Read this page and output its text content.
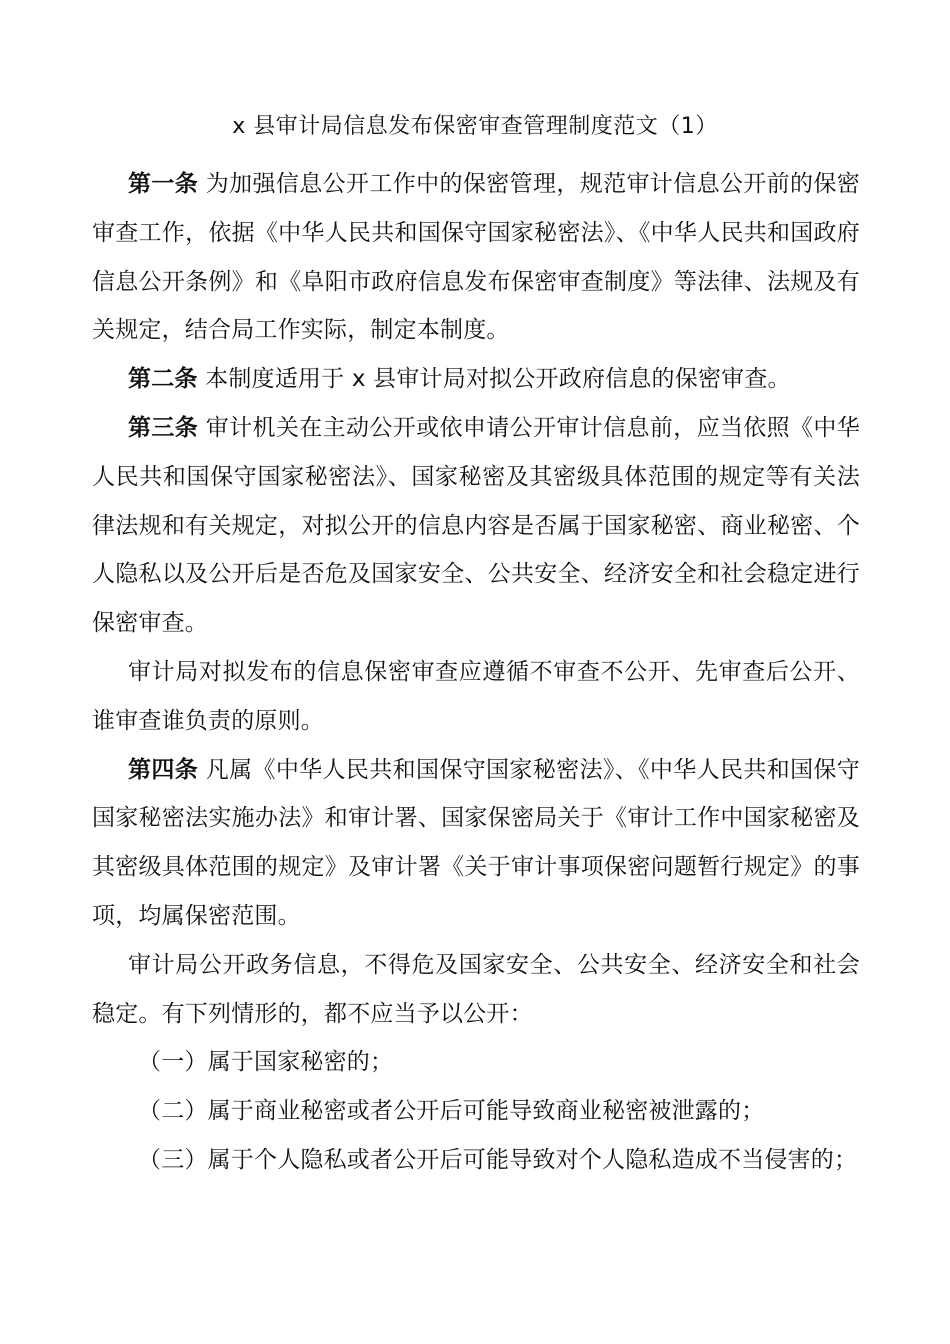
x 县审计局信息发布保密审查管理制度范文（1）

第一条 为加强信息公开工作中的保密管理，规范审计信息公开前的保密审查工作，依据《中华人民共和国保守国家秘密法》、《中华人民共和国政府信息公开条例》和《阜阳市政府信息发布保密审查制度》等法律、法规及有关规定，结合局工作实际，制定本制度。

第二条 本制度适用于 x 县审计局对拟公开政府信息的保密审查。

第三条 审计机关在主动公开或依申请公开审计信息前，应当依照《中华人民共和国保守国家秘密法》、国家秘密及其密级具体范围的规定等有关法律法规和有关规定，对拟公开的信息内容是否属于国家秘密、商业秘密、个人隐私以及公开后是否危及国家安全、公共安全、经济安全和社会稳定进行保密审查。

审计局对拟发布的信息保密审查应遵循不审查不公开、先审查后公开、谁审查谁负责的原则。

第四条 凡属《中华人民共和国保守国家秘密法》、《中华人民共和国保守国家秘密法实施办法》和审计署、国家保密局关于《审计工作中国家秘密及其密级具体范围的规定》及审计署《关于审计事项保密问题暂行规定》的事项，均属保密范围。

审计局公开政务信息，不得危及国家安全、公共安全、经济安全和社会稳定。有下列情形的，都不应当予以公开：

（一）属于国家秘密的；

（二）属于商业秘密或者公开后可能导致商业秘密被泄露的；

（三）属于个人隐私或者公开后可能导致对个人隐私造成不当侵害的；
